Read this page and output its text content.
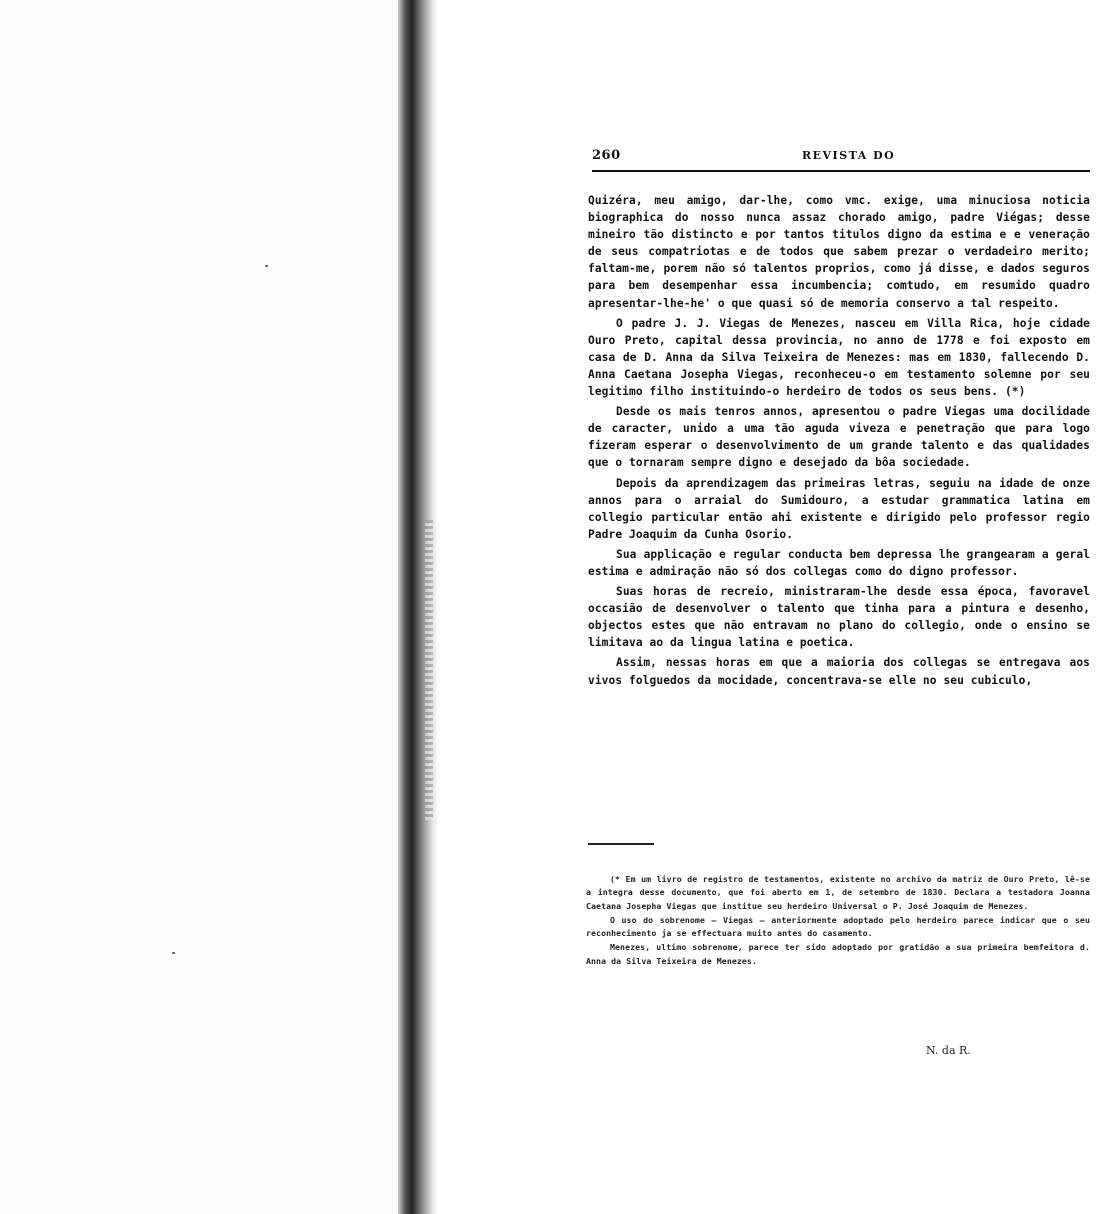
260	REVISTA DO

Quizéra, meu amigo, dar-lhe, como vmc. exige, uma minuciosa noticia biographica do nosso nunca assaz chorado amigo, padre Viégas; desse mineiro tão distincto e por tantos titulos digno da estima e e veneração de seus compatriotas e de todos que sabem prezar o verdadeiro merito; faltam-me, porem não só talentos proprios, como já disse, e dados seguros para bem desempenhar essa incumbencia; comtudo, em resumido quadro apresentar-lhe-he' o que quasi só de memoria conservo a tal respeito.

O padre J. J. Viegas de Menezes, nasceu em Villa Rica, hoje cidade Ouro Preto, capital dessa provincia, no anno de 1778 e foi exposto em casa de D. Anna da Silva Teixeira de Menezes: mas em 1830, fallecendo D. Anna Caetana Josepha Viegas, reconheceu-o em testamento solemne por seu legitimo filho instituindo-o herdeiro de todos os seus bens. (*)

Desde os mais tenros annos, apresentou o padre Viegas uma docilidade de caracter, unido a uma tão aguda viveza e penetração que para logo fizeram esperar o desenvolvimento de um grande talento e das qualidades que o tornaram sempre digno e desejado da bôa sociedade.

Depois da aprendizagem das primeiras letras, seguiu na idade de onze annos para o arraial do Sumidouro, a estudar grammatica latina em collegio particular então ahi existente e dirigido pelo professor regio Padre Joaquim da Cunha Osorio.

Sua applicação e regular conducta bem depressa lhe grangearam a geral estima e admiração não só dos collegas como do digno professor.

Suas horas de recreio, ministraram-lhe desde essa época, favoravel occasião de desenvolver o talento que tinha para a pintura e desenho, objectos estes que não entravam no plano do collegio, onde o ensino se limitava ao da lingua latina e poetica.

Assim, nessas horas em que a maioria dos collegas se entregava aos vivos folguedos da mocidade, concentrava-se elle no seu cubiculo,

(* Em um livro de registro de testamentos, existente no archivo da matriz de Ouro Preto, lê-se a integra desse documento, que foi aberto em 1, de setembro de 1830. Declara a testadora Joanna Caetana Josepha Viegas que institue seu herdeiro Universal o P. José Joaquim de Menezes.

O uso do sobrenome — Viegas — anteriormente adoptado pelo herdeiro parece indicar que o seu reconhecimento ja se effectuara muito antes do casamento.

Menezes, ultimo sobrenome, parece ter sido adoptado por gratidão a sua primeira bemfeitora d. Anna da Silva Teixeira de Menezes.

N. da R.
